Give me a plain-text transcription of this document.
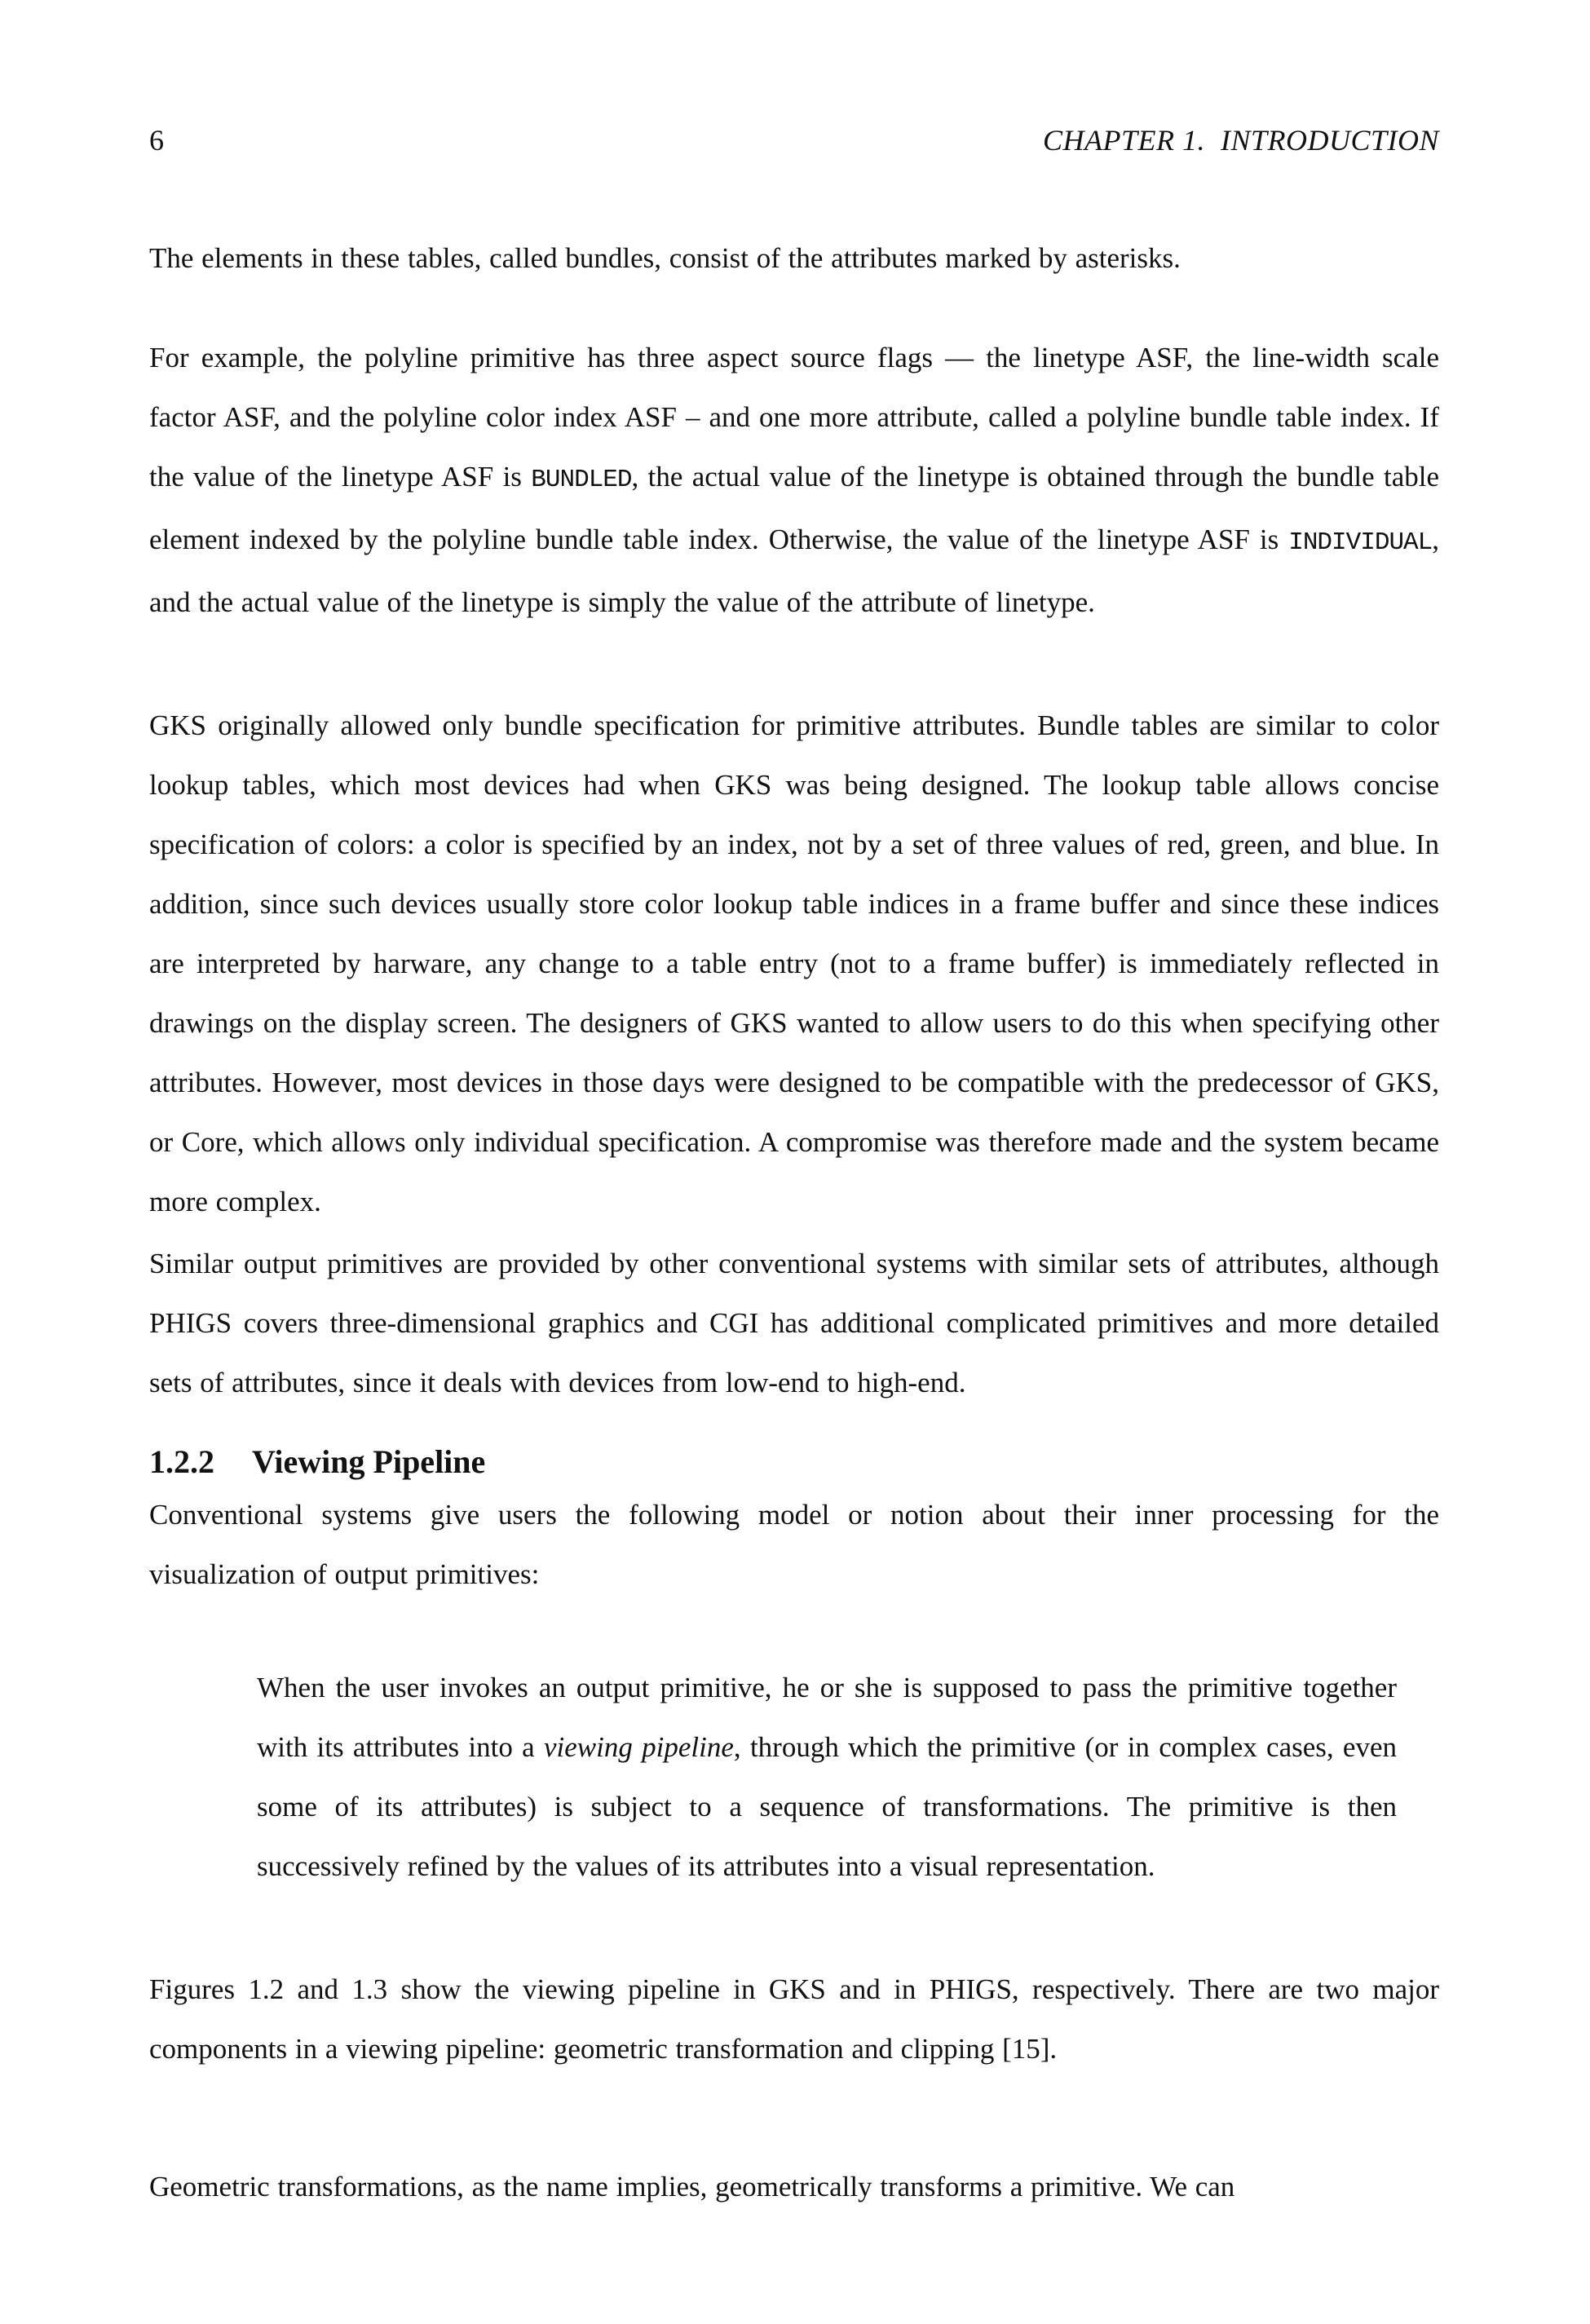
6	CHAPTER 1.  INTRODUCTION

The elements in these tables, called bundles, consist of the attributes marked by asterisks.

For example, the polyline primitive has three aspect source flags — the linetype ASF, the line-width scale factor ASF, and the polyline color index ASF – and one more attribute, called a polyline bundle table index. If the value of the linetype ASF is BUNDLED, the actual value of the linetype is obtained through the bundle table element indexed by the polyline bundle table index. Otherwise, the value of the linetype ASF is INDIVIDUAL, and the actual value of the linetype is simply the value of the attribute of linetype.

GKS originally allowed only bundle specification for primitive attributes. Bundle tables are similar to color lookup tables, which most devices had when GKS was being designed. The lookup table allows concise specification of colors: a color is specified by an index, not by a set of three values of red, green, and blue. In addition, since such devices usually store color lookup table indices in a frame buffer and since these indices are interpreted by harware, any change to a table entry (not to a frame buffer) is immediately reflected in drawings on the display screen. The designers of GKS wanted to allow users to do this when specifying other attributes. However, most devices in those days were designed to be compatible with the predecessor of GKS, or Core, which allows only individual specification. A compromise was therefore made and the system became more complex.

Similar output primitives are provided by other conventional systems with similar sets of attributes, although PHIGS covers three-dimensional graphics and CGI has additional complicated primitives and more detailed sets of attributes, since it deals with devices from low-end to high-end.

1.2.2 Viewing Pipeline

Conventional systems give users the following model or notion about their inner processing for the visualization of output primitives:

When the user invokes an output primitive, he or she is supposed to pass the primitive together with its attributes into a viewing pipeline, through which the primitive (or in complex cases, even some of its attributes) is subject to a sequence of transformations. The primitive is then successively refined by the values of its attributes into a visual representation.

Figures 1.2 and 1.3 show the viewing pipeline in GKS and in PHIGS, respectively. There are two major components in a viewing pipeline: geometric transformation and clipping [15].

Geometric transformations, as the name implies, geometrically transforms a primitive. We can
